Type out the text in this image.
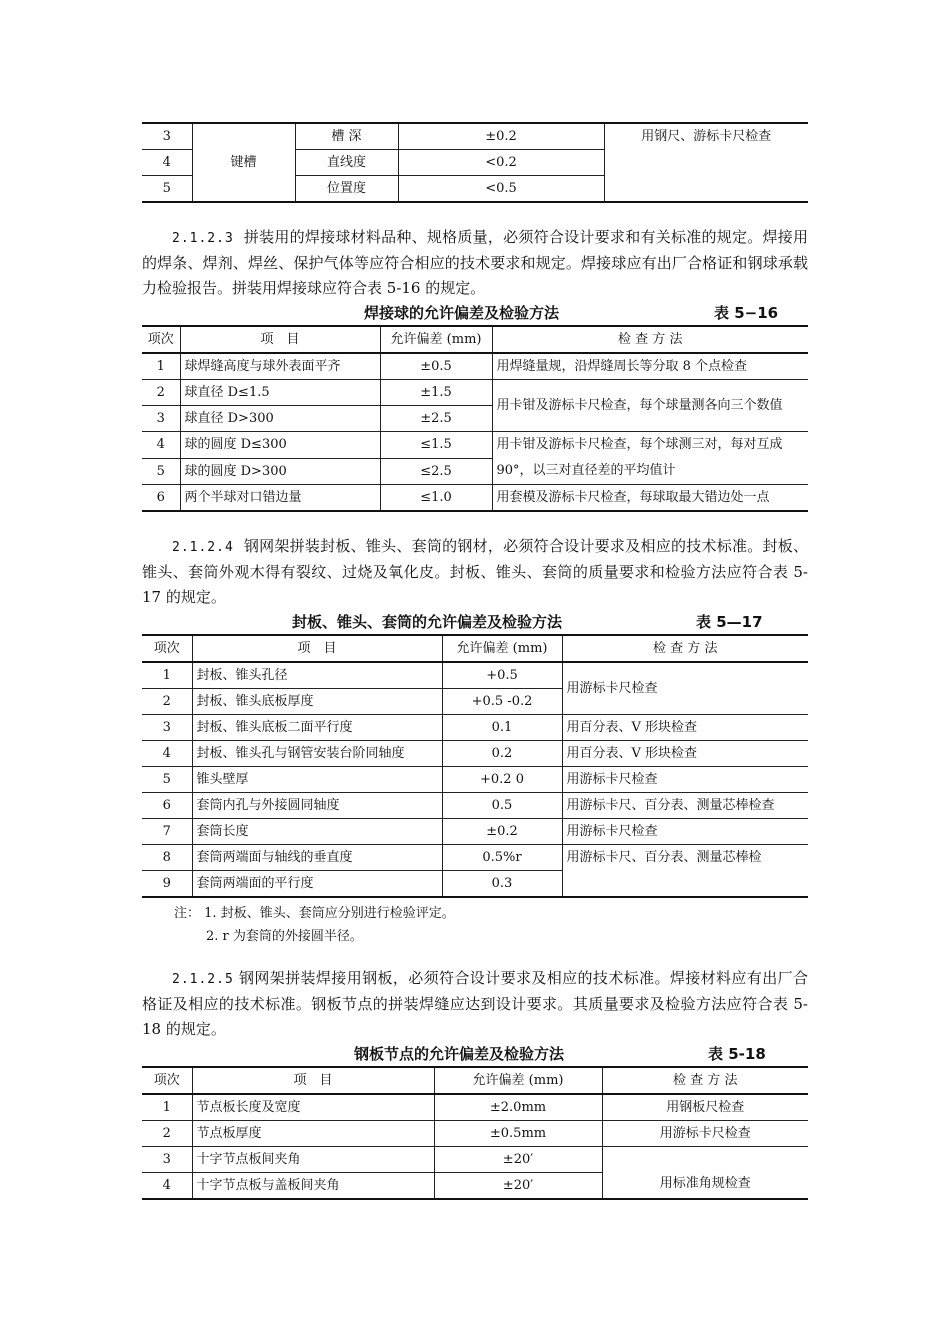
3	键槽	槽 深	±0.2	用钢尺、游标卡尺检查
4		直线度	<0.2	
5		位置度	<0.5	

2.1.2.3 拼装用的焊接球材料品种、规格质量，必须符合设计要求和有关标准的规定。焊接用的焊条、焊剂、焊丝、保护气体等应符合相应的技术要求和规定。焊接球应有出厂合格证和钢球承载力检验报告。拼装用焊接球应符合表 5-16 的规定。

焊接球的允许偏差及检验方法	表 5−16
项次	项　目	允许偏差 (mm)	检 查 方 法
1	球焊缝高度与球外表面平齐	±0.5	用焊缝量规，沿焊缝周长等分取 8 个点检查
2	球直径 D≤1.5	±1.5	用卡钳及游标卡尺检查，每个球量测各向三个数值
3	球直径 D>300	±2.5	
4	球的圆度 D≤300	≤1.5	用卡钳及游标卡尺检查，每个球测三对，每对互成 90°，以三对直径差的平均值计
5	球的圆度 D>300	≤2.5	
6	两个半球对口错边量	≤1.0	用套模及游标卡尺检查，每球取最大错边处一点

2.1.2.4 钢网架拼装封板、锥头、套筒的钢材，必须符合设计要求及相应的技术标准。封板、锥头、套筒外观木得有裂纹、过烧及氧化皮。封板、锥头、套筒的质量要求和检验方法应符合表 5-17 的规定。

封板、锥头、套筒的允许偏差及检验方法	表 5—17
项次	项　目	允许偏差 (mm)	检 查 方 法
1	封板、锥头孔径	+0.5	用游标卡尺检查
2	封板、锥头底板厚度	+0.5 -0.2	
3	封板、锥头底板二面平行度	0.1	用百分表、V 形块检查
4	封板、锥头孔与钢管安装台阶同轴度	0.2	用百分表、V 形块检查
5	锥头壁厚	+0.2 0	用游标卡尺检查
6	套筒内孔与外接圆同轴度	0.5	用游标卡尺、百分表、测量芯棒检查
7	套筒长度	±0.2	用游标卡尺检查
8	套筒两端面与轴线的垂直度	0.5%r	用游标卡尺、百分表、测量芯棒检
9	套筒两端面的平行度	0.3	
注： 1. 封板、锥头、套筒应分别进行检验评定。
2. r 为套筒的外接圆半径。

2.1.2.5 钢网架拼装焊接用钢板，必须符合设计要求及相应的技术标准。焊接材料应有出厂合格证及相应的技术标准。钢板节点的拼装焊缝应达到设计要求。其质量要求及检验方法应符合表 5-18 的规定。

钢板节点的允许偏差及检验方法	表 5-18
项次	项　目	允许偏差 (mm)	检 查 方 法
1	节点板长度及宽度	±2.0mm	用钢板尺检查
2	节点板厚度	±0.5mm	用游标卡尺检查
3	十字节点板间夹角	±20′	用标准角规检查
4	十字节点板与盖板间夹角	±20′	
